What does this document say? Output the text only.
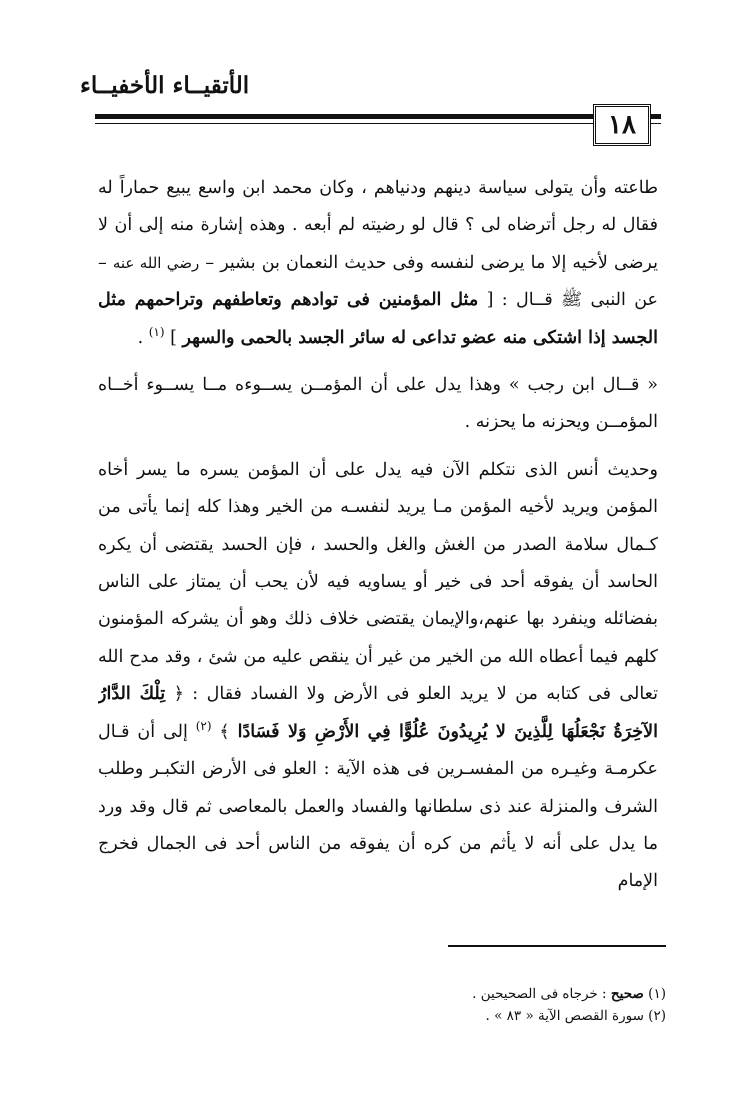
الأتقيــاء الأخفيــاء
١٨

طاعته وأن يتولى سياسة دينهم ودنياهم ، وكان محمد ابن واسع يبيع حماراً له فقال له رجل أترضاه لى ؟ قال لو رضيته لم أبعه . وهذه إشارة منه إلى أن لا يرضى لأخيه إلا ما يرضى لنفسه وفى حديث النعمان بن بشير – رضي الله عنه – عن النبى ﷺ قــال : [ مثل المؤمنين فى توادهم وتعاطفهم وتراحمهم مثل الجسد إذا اشتكى منه عضو تداعى له سائر الجسد بالحمى والسهر ] $^{(١)}$ .

« قــال ابن رجب » وهذا يدل على أن المؤمــن يســوءه مــا يســوء أخــاه المؤمــن ويحزنه ما يحزنه .

وحديث أنس الذى نتكلم الآن فيه يدل على أن المؤمن يسره ما يسر أخاه المؤمن ويريد لأخيه المؤمن مـا يريد لنفسـه من الخير وهذا كله إنما يأتى من كـمال سلامة الصدر من الغش والغل والحسد ، فإن الحسد يقتضى أن يكره الحاسد أن يفوقه أحد فى خير أو يساويه فيه لأن يحب أن يمتاز على الناس بفضائله وينفرد بها عنهم،والإيمان يقتضى خلاف ذلك وهو أن يشركه المؤمنون كلهم فيما أعطاه الله من الخير من غير أن ينقص عليه من شئ ، وقد مدح الله تعالى فى كتابه من لا يريد العلو فى الأرض ولا الفساد فقال : ﴿ تِلْكَ الدَّارُ الآخِرَةُ نَجْعَلُهَا لِلَّذِينَ لا يُرِيدُونَ عُلُوًّا فِي الأَرْضِ وَلا فَسَادًا ﴾ $^{(٢)}$ إلى أن قـال عكرمـة وغيـره من المفسـرين فى هذه الآية : العلو فى الأرض التكبـر وطلب الشرف والمنزلة عند ذى سلطانها والفساد والعمل بالمعاصى ثم قال وقد ورد ما يدل على أنه لا يأثم من كره أن يفوقه من الناس أحد فى الجمال فخرج الإمام

(١) صحيح : خرجاه فى الصحيحين .
(٢) سورة القصص الآية « ٨٣ » .
